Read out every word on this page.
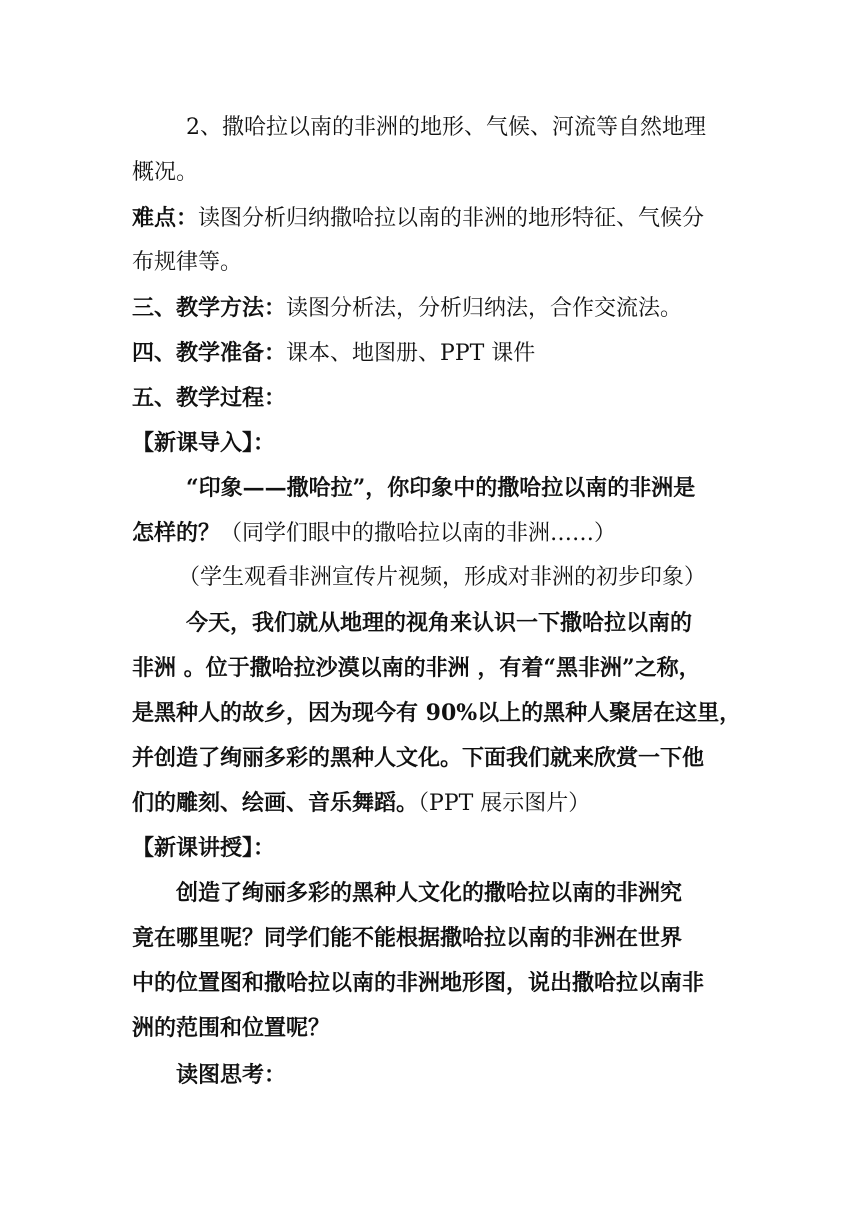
2、撒哈拉以南的非洲的地形、气候、河流等自然地理
概况。
难点：读图分析归纳撒哈拉以南的非洲的地形特征、气候分
布规律等。
三、教学方法：读图分析法，分析归纳法，合作交流法。
四、教学准备：课本、地图册、PPT 课件
五、教学过程：
【新课导入】：
“印象——撒哈拉”，你印象中的撒哈拉以南的非洲是
怎样的？（同学们眼中的撒哈拉以南的非洲……）
（学生观看非洲宣传片视频，形成对非洲的初步印象）
今天，我们就从地理的视角来认识一下撒哈拉以南的
非洲 。位于撒哈拉沙漠以南的非洲 ，有着“黑非洲”之称，
是黑种人的故乡，因为现今有 90%以上的黑种人聚居在这里，
并创造了绚丽多彩的黑种人文化。下面我们就来欣赏一下他
们的雕刻、绘画、音乐舞蹈。（PPT 展示图片）
【新课讲授】：
创造了绚丽多彩的黑种人文化的撒哈拉以南的非洲究
竟在哪里呢？同学们能不能根据撒哈拉以南的非洲在世界
中的位置图和撒哈拉以南的非洲地形图，说出撒哈拉以南非
洲的范围和位置呢？
读图思考：
